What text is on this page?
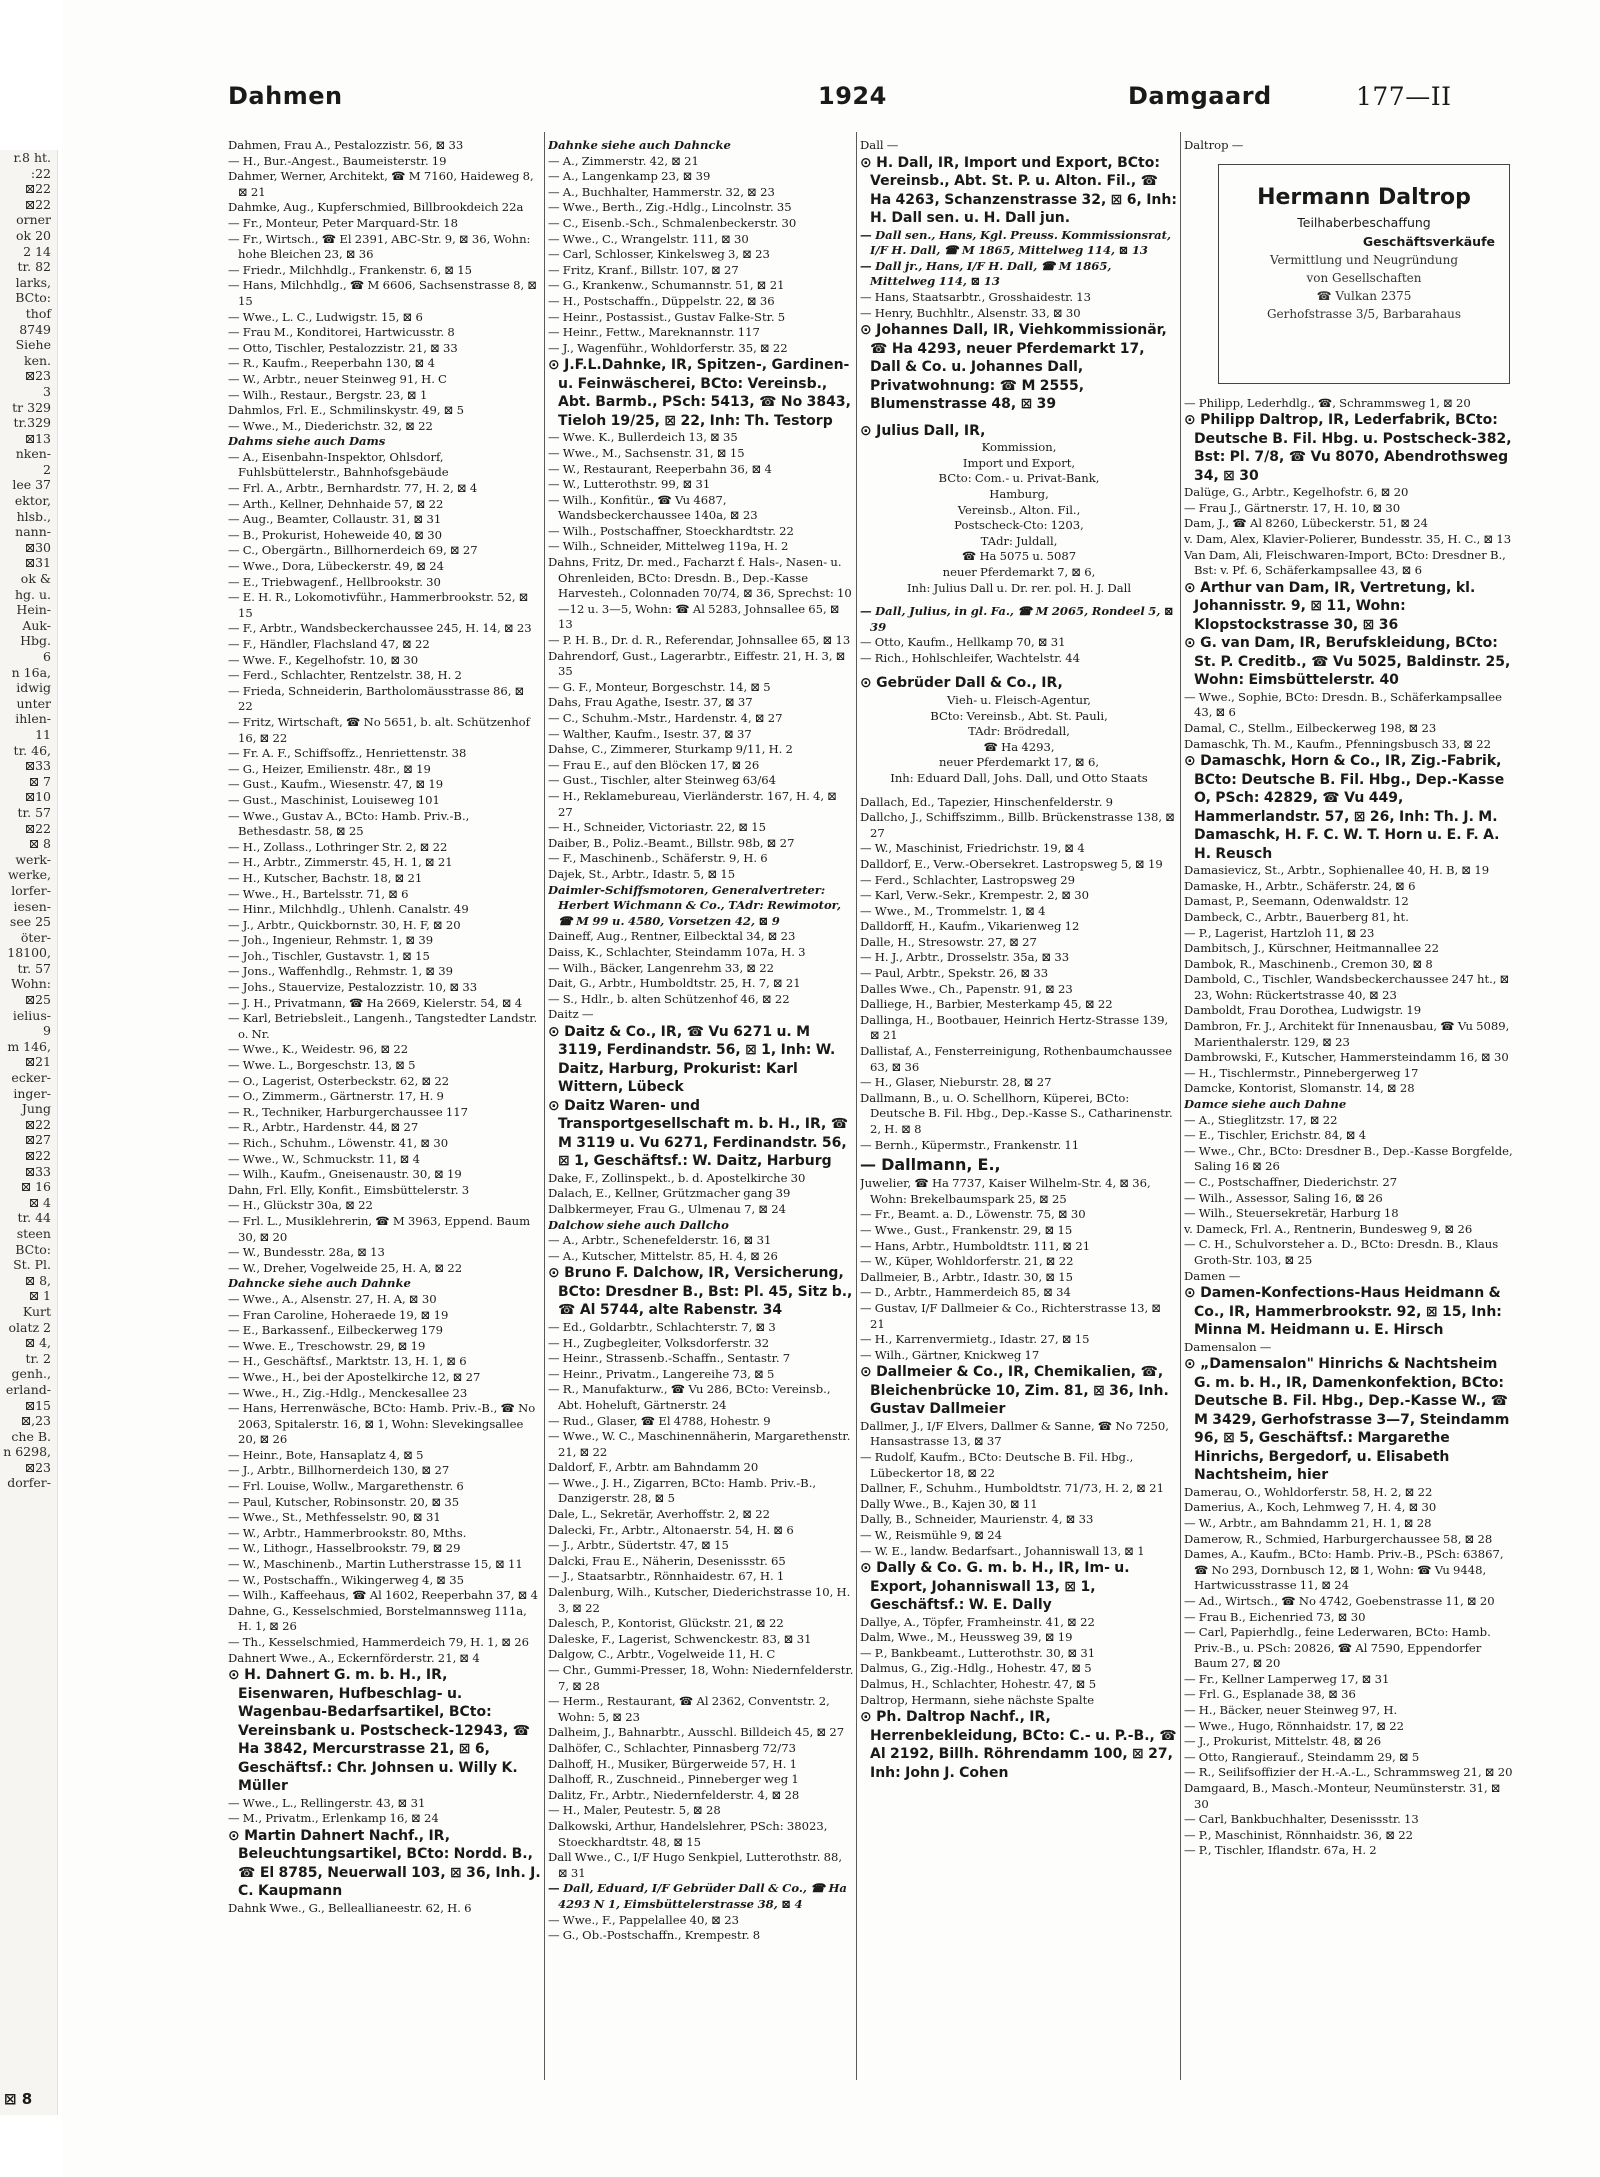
r.8 ht.
:22
⊠22
⊠22
orner
ok 20
2 14
tr. 82
larks,
BCto:
thof
8749
Siehe
ken.
⊠23
3
tr 329
tr.329
⊠13
nken-
2
lee 37
ektor,
hlsb.,
nann-
⊠30
⊠31
ok &
hg. u.
Hein-
Auk-
Hbg.
6
n 16a,
idwig
unter
ihlen-
11
tr. 46,
⊠33
⊠ 7
⊠10
tr. 57
⊠22
⊠ 8
werk-
werke,
lorfer-
iesen-
see 25
öter-
18100,
tr. 57
Wohn:
⊠25
ielius-
9
m 146,
⊠21
ecker-
inger-
Jung
⊠22
⊠27
⊠22
⊠33
⊠ 16
⊠ 4
tr. 44
steen
BCto:
St. Pl.
⊠ 8,
⊠ 1
Kurt
olatz 2
⊠ 4,
tr. 2
genh.,
erland-
⊠15
⊠,23
che B.
n 6298,
⊠23
dorfer-
Dahmen	1924	Damgaard	177—II
Dahmen, Frau A., Pestalozzistr. 56, ⊠ 33
— H., Bur.-Angest., Baumeisterstr. 19
Dahmer, Werner, Architekt, ☎ M 7160, Haideweg 8, ⊠ 21
Dahmke, Aug., Kupferschmied, Billbrookdeich 22a
— Fr., Monteur, Peter Marquard-Str. 18
— Fr., Wirtsch., ☎ El 2391, ABC-Str. 9, ⊠ 36, Wohn: hohe Bleichen 23, ⊠ 36
— Friedr., Milchhdlg., Frankenstr. 6, ⊠ 15
— Hans, Milchhdlg., ☎ M 6606, Sachsenstrasse 8, ⊠ 15
— Wwe., L. C., Ludwigstr. 15, ⊠ 6
— Frau M., Konditorei, Hartwicusstr. 8
— Otto, Tischler, Pestalozzistr. 21, ⊠ 33
— R., Kaufm., Reeperbahn 130, ⊠ 4
— W., Arbtr., neuer Steinweg 91, H. C
— Wilh., Restaur., Bergstr. 23, ⊠ 1
Dahmlos, Frl. E., Schmilinskystr. 49, ⊠ 5
— Wwe., M., Diederichstr. 32, ⊠ 22
Dahms siehe auch Dams
— A., Eisenbahn-Inspektor, Ohlsdorf, Fuhlsbüttelerstr., Bahnhofsgebäude
— Frl. A., Arbtr., Bernhardstr. 77, H. 2, ⊠ 4
— Arth., Kellner, Dehnhaide 57, ⊠ 22
— Aug., Beamter, Collaustr. 31, ⊠ 31
— B., Prokurist, Hoheweide 40, ⊠ 30
— C., Obergärtn., Billhornerdeich 69, ⊠ 27
— Wwe., Dora, Lübeckerstr. 49, ⊠ 24
— E., Triebwagenf., Hellbrookstr. 30
— E. H. R., Lokomotivführ., Hammerbrookstr. 52, ⊠ 15
— F., Arbtr., Wandsbeckerchaussee 245, H. 14, ⊠ 23
— F., Händler, Flachsland 47, ⊠ 22
— Wwe. F., Kegelhofstr. 10, ⊠ 30
— Ferd., Schlachter, Rentzelstr. 38, H. 2
— Frieda, Schneiderin, Bartholomäusstrasse 86, ⊠ 22
— Fritz, Wirtschaft, ☎ No 5651, b. alt. Schützenhof 16, ⊠ 22
— Fr. A. F., Schiffsoffz., Henriettenstr. 38
— G., Heizer, Emilienstr. 48r., ⊠ 19
— Gust., Kaufm., Wiesenstr. 47, ⊠ 19
— Gust., Maschinist, Louiseweg 101
— Wwe., Gustav A., BCto: Hamb. Priv.-B., Bethesdastr. 58, ⊠ 25
— H., Zollass., Lothringer Str. 2, ⊠ 22
— H., Arbtr., Zimmerstr. 45, H. 1, ⊠ 21
— H., Kutscher, Bachstr. 18, ⊠ 21
— Wwe., H., Bartelsstr. 71, ⊠ 6
— Hinr., Milchhdlg., Uhlenh. Canalstr. 49
— J., Arbtr., Quickbornstr. 30, H. F, ⊠ 20
— Joh., Ingenieur, Rehmstr. 1, ⊠ 39
— Joh., Tischler, Gustavstr. 1, ⊠ 15
— Jons., Waffenhdlg., Rehmstr. 1, ⊠ 39
— Johs., Stauervize, Pestalozzistr. 10, ⊠ 33
— J. H., Privatmann, ☎ Ha 2669, Kielerstr. 54, ⊠ 4
— Karl, Betriebsleit., Langenh., Tangstedter Landstr. o. Nr.
— Wwe., K., Weidestr. 96, ⊠ 22
— Wwe. L., Borgeschstr. 13, ⊠ 5
— O., Lagerist, Osterbeckstr. 62, ⊠ 22
— O., Zimmerm., Gärtnerstr. 17, H. 9
— R., Techniker, Harburgerchaussee 117
— R., Arbtr., Hardenstr. 44, ⊠ 27
— Rich., Schuhm., Löwenstr. 41, ⊠ 30
— Wwe., W., Schmuckstr. 11, ⊠ 4
— Wilh., Kaufm., Gneisenaustr. 30, ⊠ 19
Dahn, Frl. Elly, Konfit., Eimsbüttelerstr. 3
— H., Glückstr 30a, ⊠ 22
— Frl. L., Musiklehrerin, ☎ M 3963, Eppend. Baum 30, ⊠ 20
— W., Bundesstr. 28a, ⊠ 13
— W., Dreher, Vogelweide 25, H. A, ⊠ 22
Dahncke siehe auch Dahnke
— Wwe., A., Alsenstr. 27, H. A, ⊠ 30
— Fran Caroline, Hoheraede 19, ⊠ 19
— E., Barkassenf., Eilbeckerweg 179
— Wwe. E., Treschowstr. 29, ⊠ 19
— H., Geschäftsf., Marktstr. 13, H. 1, ⊠ 6
— Wwe., H., bei der Apostelkirche 12, ⊠ 27
— Wwe., H., Zig.-Hdlg., Menckesallee 23
— Hans, Herrenwäsche, BCto: Hamb. Priv.-B., ☎ No 2063, Spitalerstr. 16, ⊠ 1, Wohn: Slevekingsallee 20, ⊠ 26
— Heinr., Bote, Hansaplatz 4, ⊠ 5
— J., Arbtr., Billhornerdeich 130, ⊠ 27
— Frl. Louise, Wollw., Margarethenstr. 6
— Paul, Kutscher, Robinsonstr. 20, ⊠ 35
— Wwe., St., Methfesselstr. 90, ⊠ 31
— W., Arbtr., Hammerbrookstr. 80, Mths.
— W., Lithogr., Hasselbrookstr. 79, ⊠ 29
— W., Maschinenb., Martin Lutherstrasse 15, ⊠ 11
— W., Postschaffn., Wikingerweg 4, ⊠ 35
— Wilh., Kaffeehaus, ☎ Al 1602, Reeperbahn 37, ⊠ 4
Dahne, G., Kesselschmied, Borstelmannsweg 111a, H. 1, ⊠ 26
— Th., Kesselschmied, Hammerdeich 79, H. 1, ⊠ 26
Dahnert Wwe., A., Eckernförderstr. 21, ⊠ 4
⊙ H. Dahnert G. m. b. H., IR, Eisenwaren, Hufbeschlag- u. Wagenbau-Bedarfsartikel, BCto: Vereinsbank u. Postscheck-12943, ☎ Ha 3842, Mercurstrasse 21, ⊠ 6, Geschäftsf.: Chr. Johnsen u. Willy K. Müller
— Wwe., L., Rellingerstr. 43, ⊠ 31
— M., Privatm., Erlenkamp 16, ⊠ 24
⊙ Martin Dahnert Nachf., IR, Beleuchtungsartikel, BCto: Nordd. B., ☎ El 8785, Neuerwall 103, ⊠ 36, Inh. J. C. Kaupmann
Dahnk Wwe., G., Belleallianeestr. 62, H. 6
Dahnke siehe auch Dahncke
— A., Zimmerstr. 42, ⊠ 21
— A., Langenkamp 23, ⊠ 39
— A., Buchhalter, Hammerstr. 32, ⊠ 23
— Wwe., Berth., Zig.-Hdlg., Lincolnstr. 35
— C., Eisenb.-Sch., Schmalenbeckerstr. 30
— Wwe., C., Wrangelstr. 111, ⊠ 30
— Carl, Schlosser, Kinkelsweg 3, ⊠ 23
— Fritz, Kranf., Billstr. 107, ⊠ 27
— G., Krankenw., Schumannstr. 51, ⊠ 21
— H., Postschaffn., Düppelstr. 22, ⊠ 36
— Heinr., Postassist., Gustav Falke-Str. 5
— Heinr., Fettw., Mareknannstr. 117
— J., Wagenführ., Wohldorferstr. 35, ⊠ 22
⊙ J.F.L.Dahnke, IR, Spitzen-, Gardinen- u. Feinwäscherei, BCto: Vereinsb., Abt. Barmb., PSch: 5413, ☎ No 3843, Tieloh 19/25, ⊠ 22, Inh: Th. Testorp
— Wwe. K., Bullerdeich 13, ⊠ 35
— Wwe., M., Sachsenstr. 31, ⊠ 15
— W., Restaurant, Reeperbahn 36, ⊠ 4
— W., Lutterothstr. 99, ⊠ 31
— Wilh., Konfitür., ☎ Vu 4687, Wandsbeckerchaussee 140a, ⊠ 23
— Wilh., Postschaffner, Stoeckhardtstr. 22
— Wilh., Schneider, Mittelweg 119a, H. 2
Dahns, Fritz, Dr. med., Facharzt f. Hals-, Nasen- u. Ohrenleiden, BCto: Dresdn. B., Dep.-Kasse Harvesteh., Colonnaden 70/74, ⊠ 36, Sprechst: 10—12 u. 3—5, Wohn: ☎ Al 5283, Johnsallee 65, ⊠ 13
— P. H. B., Dr. d. R., Referendar, Johnsallee 65, ⊠ 13
Dahrendorf, Gust., Lagerarbtr., Eiffestr. 21, H. 3, ⊠ 35
— G. F., Monteur, Borgeschstr. 14, ⊠ 5
Dahs, Frau Agathe, Isestr. 37, ⊠ 37
— C., Schuhm.-Mstr., Hardenstr. 4, ⊠ 27
— Walther, Kaufm., Isestr. 37, ⊠ 37
Dahse, C., Zimmerer, Sturkamp 9/11, H. 2
— Frau E., auf den Blöcken 17, ⊠ 26
— Gust., Tischler, alter Steinweg 63/64
— H., Reklamebureau, Vierländerstr. 167, H. 4, ⊠ 27
— H., Schneider, Victoriastr. 22, ⊠ 15
Daiber, B., Poliz.-Beamt., Billstr. 98b, ⊠ 27
— F., Maschinenb., Schäferstr. 9, H. 6
Dajek, St., Arbtr., Idastr. 5, ⊠ 15
Daimler-Schiffsmotoren, Generalvertreter: Herbert Wichmann & Co., TAdr: Rewimotor, ☎ M 99 u. 4580, Vorsetzen 42, ⊠ 9
Daineff, Aug., Rentner, Eilbecktal 34, ⊠ 23
Daiss, K., Schlachter, Steindamm 107a, H. 3
— Wilh., Bäcker, Langenrehm 33, ⊠ 22
Dait, G., Arbtr., Humboldtstr. 25, H. 7, ⊠ 21
— S., Hdlr., b. alten Schützenhof 46, ⊠ 22
Daitz —
⊙ Daitz & Co., IR, ☎ Vu 6271 u. M 3119, Ferdinandstr. 56, ⊠ 1, Inh: W. Daitz, Harburg, Prokurist: Karl Wittern, Lübeck
⊙ Daitz Waren- und Transportgesellschaft m. b. H., IR, ☎ M 3119 u. Vu 6271, Ferdinandstr. 56, ⊠ 1, Geschäftsf.: W. Daitz, Harburg
Dake, F., Zollinspekt., b. d. Apostelkirche 30
Dalach, E., Kellner, Grützmacher gang 39
Dalbkermeyer, Frau G., Ulmenau 7, ⊠ 24
Dalchow siehe auch Dallcho
— A., Arbtr., Schenefelderstr. 16, ⊠ 31
— A., Kutscher, Mittelstr. 85, H. 4, ⊠ 26
⊙ Bruno F. Dalchow, IR, Versicherung, BCto: Dresdner B., Bst: Pl. 45, Sitz b., ☎ Al 5744, alte Rabenstr. 34
— Ed., Goldarbtr., Schlachterstr. 7, ⊠ 3
— H., Zugbegleiter, Volksdorferstr. 32
— Heinr., Strassenb.-Schaffn., Sentastr. 7
— Heinr., Privatm., Langereihe 73, ⊠ 5
— R., Manufakturw., ☎ Vu 286, BCto: Vereinsb., Abt. Hoheluft, Gärtnerstr. 24
— Rud., Glaser, ☎ El 4788, Hohestr. 9
— Wwe., W. C., Maschinennäherin, Margarethenstr. 21, ⊠ 22
Daldorf, F., Arbtr. am Bahndamm 20
— Wwe., J. H., Zigarren, BCto: Hamb. Priv.-B., Danzigerstr. 28, ⊠ 5
Dale, L., Sekretär, Averhoffstr. 2, ⊠ 22
Dalecki, Fr., Arbtr., Altonaerstr. 54, H. ⊠ 6
— J., Arbtr., Südertstr. 47, ⊠ 15
Dalcki, Frau E., Näherin, Desenissstr. 65
— J., Staatsarbtr., Rönnhaidestr. 67, H. 1
Dalenburg, Wilh., Kutscher, Diederichstrasse 10, H. 3, ⊠ 22
Dalesch, P., Kontorist, Glückstr. 21, ⊠ 22
Daleske, F., Lagerist, Schwenckestr. 83, ⊠ 31
Dalgow, C., Arbtr., Vogelweide 11, H. C
— Chr., Gummi-Presser, 18, Wohn: Niedernfelderstr. 7, ⊠ 28
— Herm., Restaurant, ☎ Al 2362, Conventstr. 2, Wohn: 5, ⊠ 23
Dalheim, J., Bahnarbtr., Ausschl. Billdeich 45, ⊠ 27
Dalhöfer, C., Schlachter, Pinnasberg 72/73
Dalhoff, H., Musiker, Bürgerweide 57, H. 1
Dalhoff, R., Zuschneid., Pinneberger weg 1
Dalitz, Fr., Arbtr., Niedernfelderstr. 4, ⊠ 28
— H., Maler, Peutestr. 5, ⊠ 28
Dalkowski, Arthur, Handelslehrer, PSch: 38023, Stoeckhardtstr. 48, ⊠ 15
Dall Wwe., C., I/F Hugo Senkpiel, Lutterothstr. 88, ⊠ 31
— Dall, Eduard, I/F Gebrüder Dall & Co., ☎ Ha 4293 N 1, Eimsbüttelerstrasse 38, ⊠ 4
— Wwe., F., Pappelallee 40, ⊠ 23
— G., Ob.-Postschaffn., Krempestr. 8
Dall —
⊙ H. Dall, IR, Import und Export, BCto: Vereinsb., Abt. St. P. u. Alton. Fil., ☎ Ha 4263, Schanzenstrasse 32, ⊠ 6, Inh: H. Dall sen. u. H. Dall jun.
— Dall sen., Hans, Kgl. Preuss. Kommissionsrat, I/F H. Dall, ☎ M 1865, Mittelweg 114, ⊠ 13
— Dall jr., Hans, I/F H. Dall, ☎ M 1865, Mittelweg 114, ⊠ 13
— Hans, Staatsarbtr., Grosshaidestr. 13
— Henry, Buchhltr., Alsenstr. 33, ⊠ 30
⊙ Johannes Dall, IR, Viehkommissionär, ☎ Ha 4293, neuer Pferdemarkt 17, Dall & Co. u. Johannes Dall, Privatwohnung: ☎ M 2555, Blumenstrasse 48, ⊠ 39
⊙ Julius Dall, IR,
Kommission,
Import und Export,
BCto: Com.- u. Privat-Bank,
Hamburg,
Vereinsb., Alton. Fil.,
Postscheck-Cto: 1203,
TAdr: Juldall,
☎ Ha 5075 u. 5087
neuer Pferdemarkt 7, ⊠ 6,
Inh: Julius Dall u. Dr. rer. pol. H. J. Dall
— Dall, Julius, in gl. Fa., ☎ M 2065, Rondeel 5, ⊠ 39
— Otto, Kaufm., Hellkamp 70, ⊠ 31
— Rich., Hohlschleifer, Wachtelstr. 44
⊙ Gebrüder Dall & Co., IR,
Vieh- u. Fleisch-Agentur,
BCto: Vereinsb., Abt. St. Pauli,
TAdr: Brödredall,
☎ Ha 4293,
neuer Pferdemarkt 17, ⊠ 6,
Inh: Eduard Dall, Johs. Dall, und Otto Staats
Dallach, Ed., Tapezier, Hinschenfelderstr. 9
Dallcho, J., Schiffszimm., Billb. Brückenstrasse 138, ⊠ 27
— W., Maschinist, Friedrichstr. 19, ⊠ 4
Dalldorf, E., Verw.-Obersekret. Lastropsweg 5, ⊠ 19
— Ferd., Schlachter, Lastropsweg 29
— Karl, Verw.-Sekr., Krempestr. 2, ⊠ 30
— Wwe., M., Trommelstr. 1, ⊠ 4
Dalldorff, H., Kaufm., Vikarienweg 12
Dalle, H., Stresowstr. 27, ⊠ 27
— H. J., Arbtr., Drosselstr. 35a, ⊠ 33
— Paul, Arbtr., Spekstr. 26, ⊠ 33
Dalles Wwe., Ch., Papenstr. 91, ⊠ 23
Dalliege, H., Barbier, Mesterkamp 45, ⊠ 22
Dallinga, H., Bootbauer, Heinrich Hertz-Strasse 139, ⊠ 21
Dallistaf, A., Fensterreinigung, Rothenbaumchaussee 63, ⊠ 36
— H., Glaser, Nieburstr. 28, ⊠ 27
Dallmann, B., u. O. Schellhorn, Küperei, BCto: Deutsche B. Fil. Hbg., Dep.-Kasse S., Catharinenstr. 2, H. ⊠ 8
— Bernh., Küpermstr., Frankenstr. 11
— Dallmann, E.,
Juwelier, ☎ Ha 7737, Kaiser Wilhelm-Str. 4, ⊠ 36, Wohn: Brekelbaumspark 25, ⊠ 25
— Fr., Beamt. a. D., Löwenstr. 75, ⊠ 30
— Wwe., Gust., Frankenstr. 29, ⊠ 15
— Hans, Arbtr., Humboldtstr. 111, ⊠ 21
— W., Küper, Wohldorferstr. 21, ⊠ 22
Dallmeier, B., Arbtr., Idastr. 30, ⊠ 15
— D., Arbtr., Hammerdeich 85, ⊠ 34
— Gustav, I/F Dallmeier & Co., Richterstrasse 13, ⊠ 21
— H., Karrenvermietg., Idastr. 27, ⊠ 15
— Wilh., Gärtner, Knickweg 17
⊙ Dallmeier & Co., IR, Chemikalien, ☎, Bleichenbrücke 10, Zim. 81, ⊠ 36, Inh. Gustav Dallmeier
Dallmer, J., I/F Elvers, Dallmer & Sanne, ☎ No 7250, Hansastrasse 13, ⊠ 37
— Rudolf, Kaufm., BCto: Deutsche B. Fil. Hbg., Lübeckertor 18, ⊠ 22
Dallner, F., Schuhm., Humboldtstr. 71/73, H. 2, ⊠ 21
Dally Wwe., B., Kajen 30, ⊠ 11
Dally, B., Schneider, Maurienstr. 4, ⊠ 33
— W., Reismühle 9, ⊠ 24
— W. E., landw. Bedarfsart., Johanniswall 13, ⊠ 1
⊙ Dally & Co. G. m. b. H., IR, Im- u. Export, Johanniswall 13, ⊠ 1, Geschäftsf.: W. E. Dally
Dallye, A., Töpfer, Framheinstr. 41, ⊠ 22
Dalm, Wwe., M., Heussweg 39, ⊠ 19
— P., Bankbeamt., Lutterothstr. 30, ⊠ 31
Dalmus, G., Zig.-Hdlg., Hohestr. 47, ⊠ 5
Dalmus, H., Schlachter, Hohestr. 47, ⊠ 5
Daltrop, Hermann, siehe nächste Spalte
⊙ Ph. Daltrop Nachf., IR, Herrenbekleidung, BCto: C.- u. P.-B., ☎ Al 2192, Billh. Röhrendamm 100, ⊠ 27, Inh: John J. Cohen
Daltrop —
Hermann Daltrop
Teilhaberbeschaffung
Geschäftsverkäufe
Vermittlung und Neugründung
von Gesellschaften
☎ Vulkan 2375
Gerhofstrasse 3/5, Barbarahaus
— Philipp, Lederhdlg., ☎, Schrammsweg 1, ⊠ 20
⊙ Philipp Daltrop, IR, Lederfabrik, BCto: Deutsche B. Fil. Hbg. u. Postscheck-382, Bst: Pl. 7/8, ☎ Vu 8070, Abendrothsweg 34, ⊠ 30
Dalüge, G., Arbtr., Kegelhofstr. 6, ⊠ 20
— Frau J., Gärtnerstr. 17, H. 10, ⊠ 30
Dam, J., ☎ Al 8260, Lübeckerstr. 51, ⊠ 24
v. Dam, Alex, Klavier-Polierer, Bundesstr. 35, H. C., ⊠ 13
Van Dam, Ali, Fleischwaren-Import, BCto: Dresdner B., Bst: v. Pf. 6, Schäferkampsallee 43, ⊠ 6
⊙ Arthur van Dam, IR, Vertretung, kl. Johannisstr. 9, ⊠ 11, Wohn: Klopstockstrasse 30, ⊠ 36
⊙ G. van Dam, IR, Berufskleidung, BCto: St. P. Creditb., ☎ Vu 5025, Baldinstr. 25, Wohn: Eimsbüttelerstr. 40
— Wwe., Sophie, BCto: Dresdn. B., Schäferkampsallee 43, ⊠ 6
Damal, C., Stellm., Eilbeckerweg 198, ⊠ 23
Damaschk, Th. M., Kaufm., Pfenningsbusch 33, ⊠ 22
⊙ Damaschk, Horn & Co., IR, Zig.-Fabrik, BCto: Deutsche B. Fil. Hbg., Dep.-Kasse O, PSch: 42829, ☎ Vu 449, Hammerlandstr. 57, ⊠ 26, Inh: Th. J. M. Damaschk, H. F. C. W. T. Horn u. E. F. A. H. Reusch
Damasievicz, St., Arbtr., Sophienallee 40, H. B, ⊠ 19
Damaske, H., Arbtr., Schäferstr. 24, ⊠ 6
Damast, P., Seemann, Odenwaldstr. 12
Dambeck, C., Arbtr., Bauerberg 81, ht.
— P., Lagerist, Hartzloh 11, ⊠ 23
Dambitsch, J., Kürschner, Heitmannallee 22
Dambok, R., Maschinenb., Cremon 30, ⊠ 8
Dambold, C., Tischler, Wandsbeckerchaussee 247 ht., ⊠ 23, Wohn: Rückertstrasse 40, ⊠ 23
Damboldt, Frau Dorothea, Ludwigstr. 19
Dambron, Fr. J., Architekt für Innenausbau, ☎ Vu 5089, Marienthalerstr. 129, ⊠ 23
Dambrowski, F., Kutscher, Hammersteindamm 16, ⊠ 30
— H., Tischlermstr., Pinnebergerweg 17
Damcke, Kontorist, Slomanstr. 14, ⊠ 28
Damce siehe auch Dahne
— A., Stieglitzstr. 17, ⊠ 22
— E., Tischler, Erichstr. 84, ⊠ 4
— Wwe., Chr., BCto: Dresdner B., Dep.-Kasse Borgfelde, Saling 16 ⊠ 26
— C., Postschaffner, Diederichstr. 27
— Wilh., Assessor, Saling 16, ⊠ 26
— Wilh., Steuersekretär, Harburg 18
v. Dameck, Frl. A., Rentnerin, Bundesweg 9, ⊠ 26
— C. H., Schulvorsteher a. D., BCto: Dresdn. B., Klaus Groth-Str. 103, ⊠ 25
Damen —
⊙ Damen-Konfections-Haus Heidmann & Co., IR, Hammerbrookstr. 92, ⊠ 15, Inh: Minna M. Heidmann u. E. Hirsch
Damensalon —
⊙ „Damensalon" Hinrichs & Nachtsheim G. m. b. H., IR, Damenkonfektion, BCto: Deutsche B. Fil. Hbg., Dep.-Kasse W., ☎ M 3429, Gerhofstrasse 3—7, Steindamm 96, ⊠ 5, Geschäftsf.: Margarethe Hinrichs, Bergedorf, u. Elisabeth Nachtsheim, hier
Damerau, O., Wohldorferstr. 58, H. 2, ⊠ 22
Damerius, A., Koch, Lehmweg 7, H. 4, ⊠ 30
— W., Arbtr., am Bahndamm 21, H. 1, ⊠ 28
Damerow, R., Schmied, Harburgerchaussee 58, ⊠ 28
Dames, A., Kaufm., BCto: Hamb. Priv.-B., PSch: 63867, ☎ No 293, Dornbusch 12, ⊠ 1, Wohn: ☎ Vu 9448, Hartwicusstrasse 11, ⊠ 24
— Ad., Wirtsch., ☎ No 4742, Goebenstrasse 11, ⊠ 20
— Frau B., Eichenried 73, ⊠ 30
— Carl, Papierhdlg., feine Lederwaren, BCto: Hamb. Priv.-B., u. PSch: 20826, ☎ Al 7590, Eppendorfer Baum 27, ⊠ 20
— Fr., Kellner Lamperweg 17, ⊠ 31
— Frl. G., Esplanade 38, ⊠ 36
— H., Bäcker, neuer Steinweg 97, H.
— Wwe., Hugo, Rönnhaidstr. 17, ⊠ 22
— J., Prokurist, Mittelstr. 48, ⊠ 26
— Otto, Rangierauf., Steindamm 29, ⊠ 5
— R., Seilifsoffizier der H.-A.-L., Schrammsweg 21, ⊠ 20
Damgaard, B., Masch.-Monteur, Neumünsterstr. 31, ⊠ 30
— Carl, Bankbuchhalter, Desenissstr. 13
— P., Maschinist, Rönnhaidstr. 36, ⊠ 22
— P., Tischler, Iflandstr. 67a, H. 2
⊠ 8
